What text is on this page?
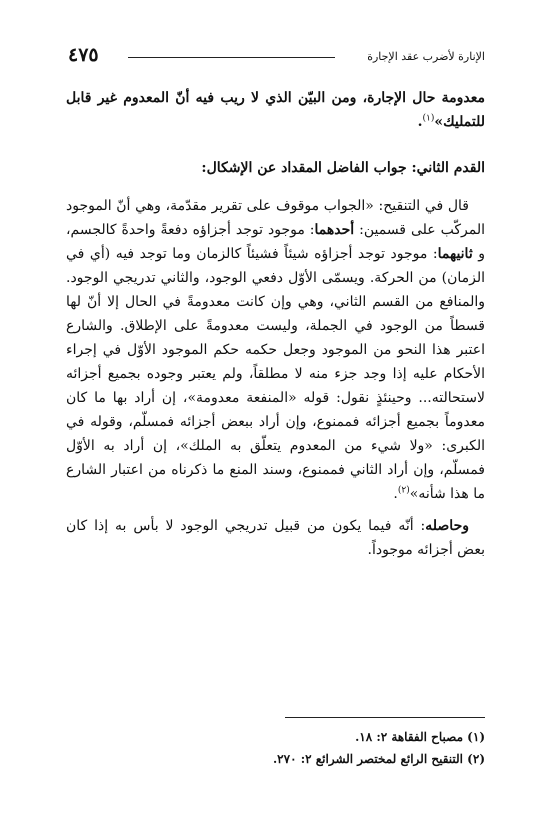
٤٧٥	الإنارة لأضرب عقد الإجارة

معدومة حال الإجارة، ومن البيّن الذي لا ريب فيه أنّ المعدوم غير قابل للتمليك»$^{(١)}$.

القدم الثاني: جواب الفاضل المقداد عن الإشكال:

قال في التنقيح: «الجواب موقوف على تقرير مقدّمة، وهي أنّ الموجود المركّب على قسمين: أحدهما: موجود توجد أجزاؤه دفعةً واحدةً كالجسم، و ثانيهما: موجود توجد أجزاؤه شيئاً فشيئاً كالزمان وما توجد فيه (أي في الزمان) من الحركة. ويسمّى الأوّل دفعي الوجود، والثاني تدريجي الوجود. والمنافع من القسم الثاني، وهي وإن كانت معدومةً في الحال إلا أنّ لها قسطاً من الوجود في الجملة، وليست معدومةً على الإطلاق. والشارع اعتبر هذا النحو من الموجود وجعل حكمه حكم الموجود الأوّل في إجراء الأحكام عليه إذا وجد جزء منه لا مطلقاً، ولم يعتبر وجوده بجميع أجزائه لاستحالته... وحينئذٍ نقول: قوله «المنفعة معدومة»، إن أراد بها ما كان معدوماً بجميع أجزائه فممنوع، وإن أراد ببعض أجزائه فمسلّم، وقوله في الكبرى: «ولا شيء من المعدوم يتعلّق به الملك»، إن أراد به الأوّل فمسلّم، وإن أراد الثاني فممنوع، وسند المنع ما ذكرناه من اعتبار الشارع ما هذا شأنه»$^{(٢)}$.

وحاصله: أنّه فيما يكون من قبيل تدريجي الوجود لا بأس به إذا كان بعض أجزائه موجوداً.

(١) مصباح الفقاهة ٢: ١٨.
(٢) التنقيح الرائع لمختصر الشرائع ٢: ٢٧٠.
